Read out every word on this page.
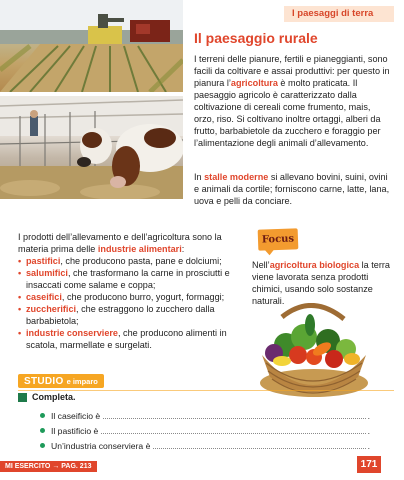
I paesaggi di terra
Il paesaggio rurale

I terreni delle pianure, fertili e pianeggianti, sono facili da coltivare e assai produttivi: per questo in pianura l’agricoltura è molto praticata. Il paesaggio agricolo è caratterizzato dalla coltivazione di cereali come frumento, mais, orzo, riso. Si coltivano inoltre ortaggi, alberi da frutto, barbabietole da zucchero e foraggio per l’alimentazione degli animali d’allevamento.

In stalle moderne si allevano bovini, suini, ovini e animali da cortile; forniscono carne, latte, lana, uova e pelli da conciare.

I prodotti dell’allevamento e dell’agricoltura sono la materia prima delle industrie alimentari:

• pastifici, che producono pasta, pane e dolciumi;
• salumifici, che trasformano la carne in prosciutti e insaccati come salame e coppa;
• caseifici, che producono burro, yogurt, formaggi;
• zuccherifici, che estraggono lo zucchero dalla barbabietola;
• industrie conserviere, che producono alimenti in scatola, marmellate e surgelati.
Focus

Nell’agricoltura biologica la terra viene lavorata senza prodotti chimici, usando solo sostanze naturali.

STUDIO e imparo
Completa.
Il caseificio è	.
Il pastificio è	.
Un’industria conserviera è	.
MI ESERCITO → PAG. 213	171
